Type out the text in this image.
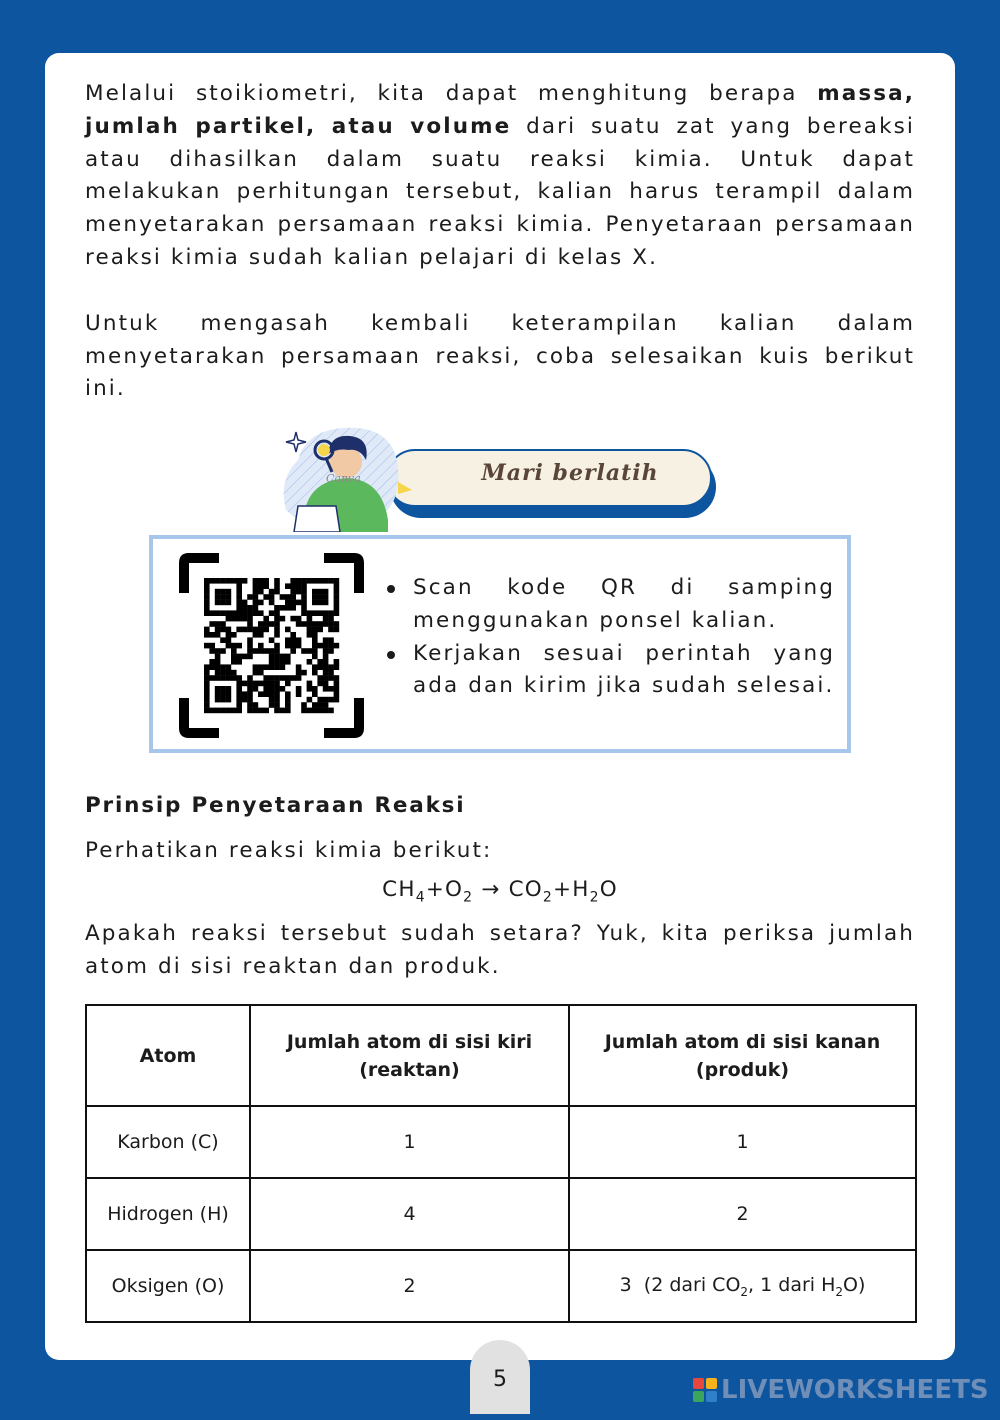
Melalui stoikiometri, kita dapat menghitung berapa massa, jumlah partikel, atau volume dari suatu zat yang bereaksi atau dihasilkan dalam suatu reaksi kimia. Untuk dapat melakukan perhitungan tersebut, kalian harus terampil dalam menyetarakan persamaan reaksi kimia. Penyetaraan persamaan reaksi kimia sudah kalian pelajari di kelas X.

Untuk mengasah kembali keterampilan kalian dalam menyetarakan persamaan reaksi, coba selesaikan kuis berikut ini.

Mari berlatih
Canva
Scan kode QR di samping menggunakan ponsel kalian.
Kerjakan sesuai perintah yang ada dan kirim jika sudah selesai.
Prinsip Penyetaraan Reaksi

Perhatikan reaksi kimia berikut:

$CH_4+O_2 \to CO_2+H_2O$

Apakah reaksi tersebut sudah setara? Yuk, kita periksa jumlah atom di sisi reaktan dan produk.

Atom	Jumlah atom di sisi kiri (reaktan)	Jumlah atom di sisi kanan (produk)
Karbon (C)	1	1
Hidrogen (H)	4	2
Oksigen (O)	2	3 (2 dari $CO_2$, 1 dari $H_2O$)
5	LIVEWORKSHEETS
